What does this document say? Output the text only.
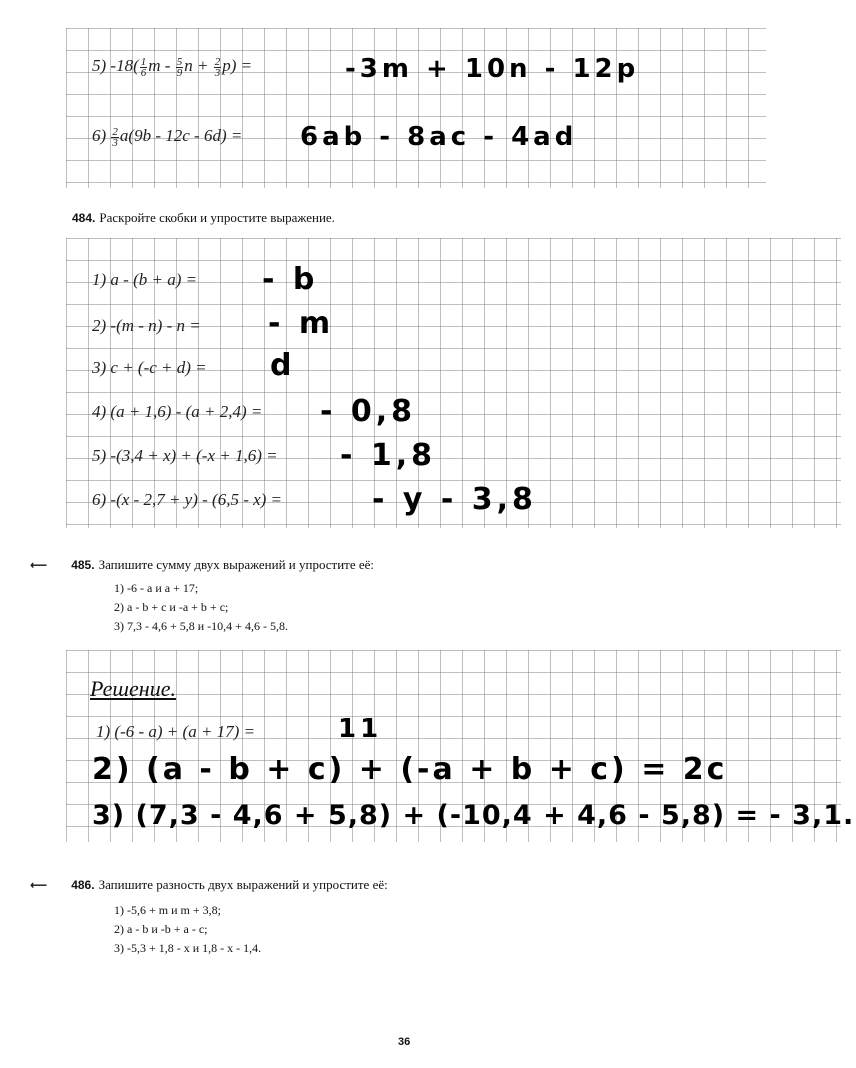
5) $-18( \frac{1}{6}$ m - $\frac{5}{9}$ $n + \frac{2}{3} p$) =	-3m + 10n - 12p
$6) \frac{2}{3} a(9b - 12c - 6d) = 6ab - 8ac - 4ad$
484. Раскройте скобки и упростите выражение.
1) a - (b + a) = - b
2) -(m - n) - n = - m
3) c + (-c + d) = d
4) (a + 1,6) - (a + 2,4) = - 0,8
5) -(3,4 + x) + (-x + 1,6) = - 1,8
6) -(x - 2,7 + y) - (6,5 - x) =	- y - 3,8
⟵ 485. Запишите сумму двух выражений и упростите её:
1) -6 - a и a + 17;
2) a - b + c и -a + b + c;
3) 7,3 - 4,6 + 5,8 и -10,4 + 4,6 - 5,8.
Решение.
1) (-6 - a) + (a + 17) =	11
2) (a - b + c) + (-a + b + c) = 2c
3) (7,3 - 4,6 + 5,8) + (-10,4 + 4,6 - 5,8) = - 3,1.
⟵ 486. Запишите разность двух выражений и упростите её:
1) -5,6 + m и m + 3,8;
2) a - b и -b + a - c;
3) -5,3 + 1,8 - x и 1,8 - x - 1,4.
36
